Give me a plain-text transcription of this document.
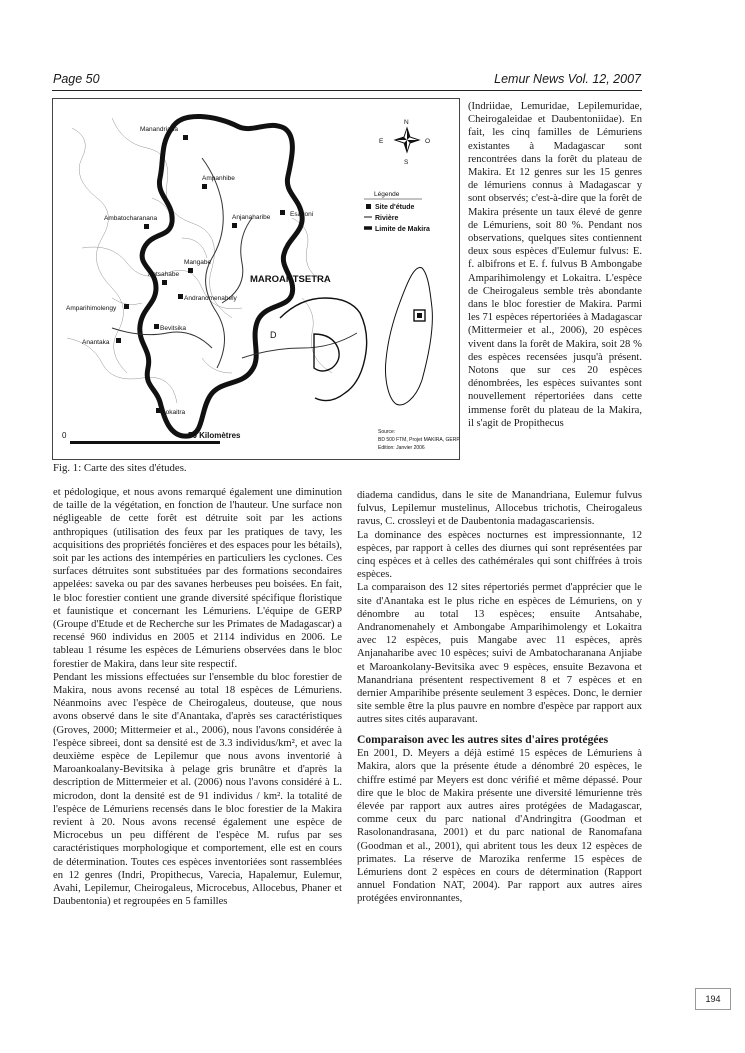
Page 50	Lemur News Vol. 12, 2007
Manandriana
Ampanhibe
Esavoni
Anjanaharibe
Ambatocharanana
Mangabe
Antsahabe
Andranomenahely
Amparihimolengy
Bevitsika
Anantaka
Lokaitra
MAROANTSETRA
D
0	50 Kilomètres
N
S
E	O
Légende
Site d'étude
Rivière
Limite de Makira
Source:
BD 500 FTM, Projet MAKIRA, GERP
Edition: Janvier 2006
Fig. 1: Carte des sites d'études.

(Indriidae, Lemuridae, Lepilemuridae, Cheirogaleidae et Daubentoniidae). En fait, les cinq familles de Lémuriens existantes à Madagascar sont rencontrées dans la forêt du plateau de Makira. Et 12 genres sur les 15 genres de lémuriens connus à Madagascar y sont observés; c'est-à-dire que la forêt de Makira présente un taux élevé de genre de Lémuriens, soit 80 %. Pendant nos observations, quelques sites contiennent deux sous espèces d'Eulemur fulvus: E. f. albifrons et E. f. fulvus B Ambongabe Amparihimolengy et Lokaitra. L'espèce de Cheirogaleus semble très abondante dans le bloc forestier de Makira. Parmi les 71 espèces répertoriées à Madagascar (Mittermeier et al., 2006), 20 espèces vivent dans la forêt de Makira, soit 28 % des espèces recensées jusqu'à présent. Notons que sur ces 20 espèces dénombrées, les espèces suivantes sont nouvellement répertoriées dans cette immense forêt du plateau de la Makira, il s'agit de Propithecus

et pédologique, et nous avons remarqué également une diminution de taille de la végétation, en fonction de l'hauteur. Une surface non négligeable de cette forêt est détruite soit par les actions anthropiques (utilisation des feux par les pratiques de tavy, les acquisitions des propriétés foncières et des espaces pour les bétails), soit par les actions des intempéries en particuliers les cyclones. Ces surfaces détruites sont substituées par des formations secondaires appelées: saveka ou par des savanes herbeuses peu boisées. En fait, le bloc forestier contient une grande diversité spécifique floristique et faunistique et concernant les Lémuriens. L'équipe de GERP (Groupe d'Etude et de Recherche sur les Primates de Madagascar) a recensé 960 individus en 2005 et 2114 individus en 2006. Le tableau 1 résume les espèces de Lémuriens observées dans le bloc forestier de Makira, dans leur site respectif.

Pendant les missions effectuées sur l'ensemble du bloc forestier de Makira, nous avons recensé au total 18 espèces de Lémuriens. Néanmoins avec l'espèce de Cheirogaleus, douteuse, que nous avons observé dans le site d'Anantaka, d'après ses caractéristiques (Groves, 2000; Mittermeier et al., 2006), nous l'avons considérée à l'espèce sibreei, dont sa densité est de 3.3 individus/km², et avec la deuxième espèce de Lepilemur que nous avons inventorié à Maroankoalany-Bevitsika à pelage gris brunâtre et d'après la description de Mittermeier et al. (2006) nous l'avons considéré à L. microdon, dont la densité est de 91 individus / km². la totalité de l'espèce de Lémuriens recensés dans le bloc forestier de la Makira revient à 20. Nous avons recensé également une espèce de Microcebus un peu différent de l'espèce M. rufus par ses caractéristiques morphologique et comportement, elle est en cours de détermination. Toutes ces espèces inventoriées sont rassemblées en 12 genres (Indri, Propithecus, Varecia, Hapalemur, Eulemur, Avahi, Lepilemur, Cheirogaleus, Microcebus, Allocebus, Phaner et Daubentonia) et regroupées en 5 familles

diadema candidus, dans le site de Manandriana, Eulemur fulvus fulvus, Lepilemur mustelinus, Allocebus trichotis, Cheirogaleus ravus, C. crossleyi et de Daubentonia madagascariensis.

La dominance des espèces nocturnes est impressionnante, 12 espèces, par rapport à celles des diurnes qui sont représentées par cinq espèces et à celles des cathémérales qui sont chiffrées à trois espèces.

La comparaison des 12 sites répertoriés permet d'apprécier que le site d'Anantaka est le plus riche en espèces de Lémuriens, on y dénombre au total 13 espèces; ensuite Antsahabe, Andranomenahely et Ambongabe Amparihimolengy et Lokaitra avec 12 espèces, puis Mangabe avec 11 espèces, après Anjanaharibe avec 10 espèces; suivi de Ambatocharanana Anjiabe et Maroankolany-Bevitsika avec 9 espèces, ensuite Bezavona et Manandriana présentent respectivement 8 et 7 espèces et en dernier Amparihibe présente seulement 3 espèces. Donc, le dernier site semble être la plus pauvre en nombre d'espèce par rapport aux autres sites cités auparavant.

Comparaison avec les autres sites d'aires protégées

En 2001, D. Meyers a déjà estimé 15 espèces de Lémuriens à Makira, alors que la présente étude a dénombré 20 espèces, le chiffre estimé par Meyers est donc vérifié et même dépassé. Pour dire que le bloc de Makira présente une diversité lémurienne très élevée par rapport aux autres aires protégées de Madagascar, comme ceux du parc national d'Andringitra (Goodman et Rasolonandrasana, 2001) et du parc national de Ranomafana (Goodman et al., 2001), qui abritent tous les deux 12 espèces de primates. La réserve de Marozika renferme 15 espèces de Lémuriens dont 2 espèces en cours de détermination (Rapport annuel Fondation NAT, 2004). Par rapport aux autres aires protégées environnantes,

194
